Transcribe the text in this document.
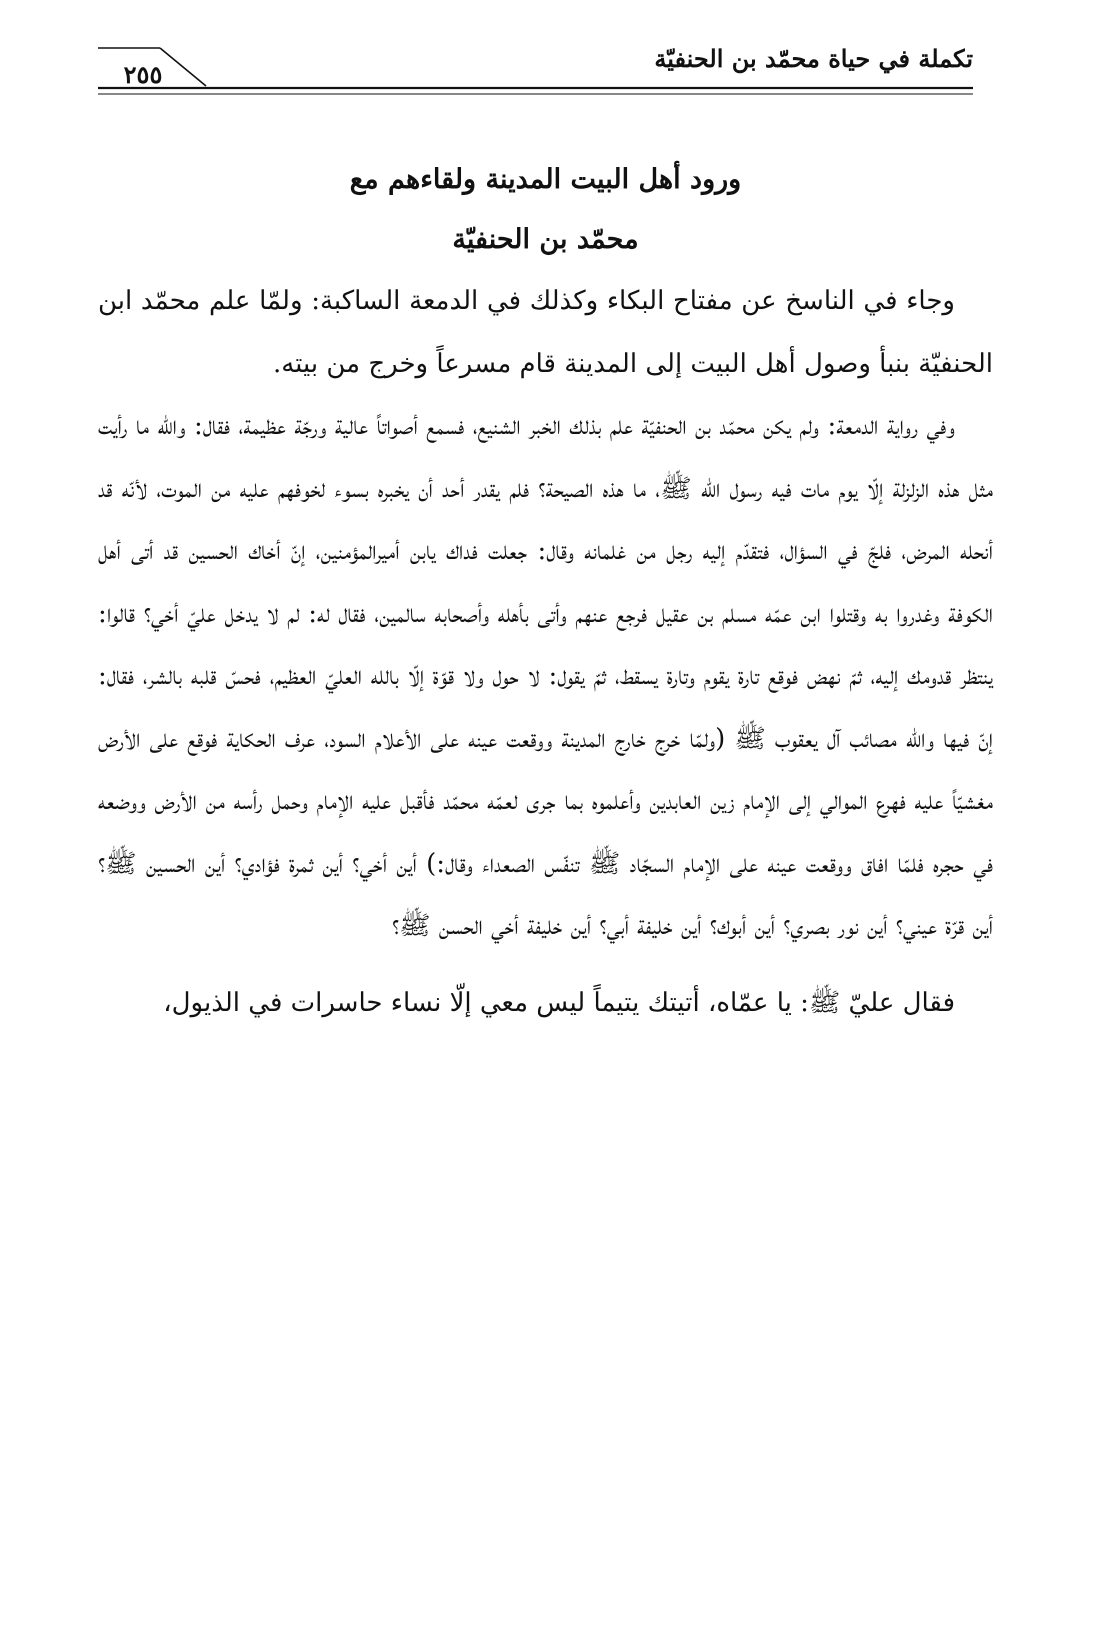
٢٥٥
تكملة في حياة محمّد بن الحنفيّة

ورود أهل البيت المدينة ولقاءهم مع

محمّد بن الحنفيّة

وجاء في الناسخ عن مفتاح البكاء وكذلك في الدمعة الساكبة: ولمّا علم محمّد ابن الحنفيّة بنبأ وصول أهل البيت إلى المدينة قام مسرعاً وخرج من بيته.

وفي رواية الدمعة: ولم يكن محمّد بن الحنفيّة علم بذلك الخبر الشنيع، فسمع أصواتاً عالية ورجّة عظيمة، فقال: والله ما رأيت مثل هذه الزلزلة إلّا يوم مات فيه رسول الله ﷺ، ما هذه الصيحة؟ فلم يقدر أحد أن يخبره بسوء لخوفهم عليه من الموت، لأنّه قد أنحله المرض، فلجّ في السؤال، فتقدّم إليه رجل من غلمانه وقال: جعلت فداك يابن أميرالمؤمنين، إنّ أخاك الحسين قد أتى أهل الكوفة وغدروا به وقتلوا ابن عمّه مسلم بن عقيل فرجع عنهم وأتى بأهله وأصحابه سالمين، فقال له: لم لا يدخل عليّ أخي؟ قالوا: ينتظر قدومك إليه، ثمّ نهض فوقع تارة يقوم وتارة يسقط، ثمّ يقول: لا حول ولا قوّة إلّا بالله العليّ العظيم، فحسّ قلبه بالشر، فقال: إنّ فيها والله مصائب آل يعقوب ﷺ (ولمّا خرج خارج المدينة ووقعت عينه على الأعلام السود، عرف الحكاية فوقع على الأرض مغشيّاً عليه فهرع الموالي إلى الإمام زين العابدين وأعلموه بما جرى لعمّه محمّد فأقبل عليه الإمام وحمل رأسه من الأرض ووضعه في حجره فلمّا افاق ووقعت عينه على الإمام السجّاد ﷺ تنفّس الصعداء وقال:) أين أخي؟ أين ثمرة فؤادي؟ أين الحسين ﷺ؟ أين قرّة عيني؟ أين نور بصري؟ أين أبوك؟ أين خليفة أبي؟ أين خليفة أخي الحسن ﷺ؟

فقال عليّ ﷺ: يا عمّاه، أتيتك يتيماً ليس معي إلّا نساء حاسرات في الذيول،
